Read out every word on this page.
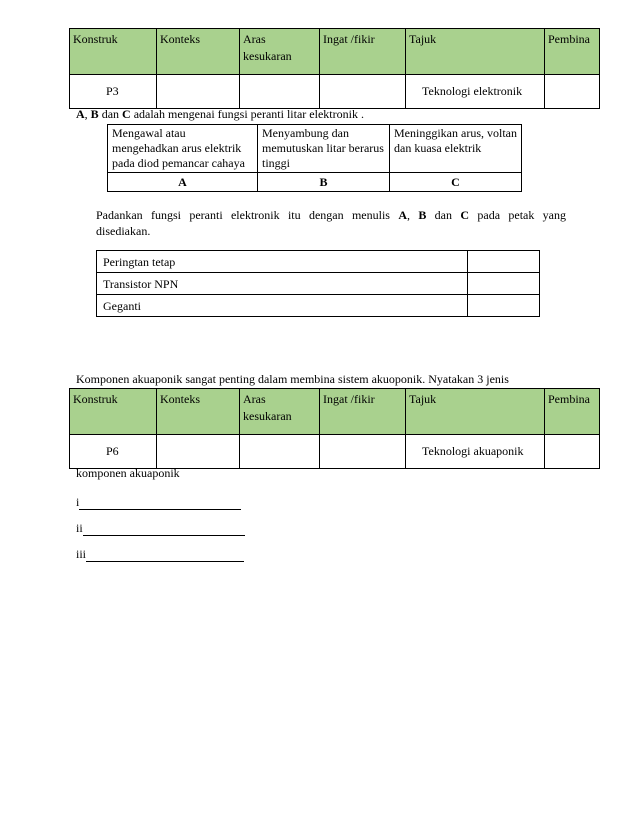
Konstruk	Konteks	Aras kesukaran	Ingat /fikir	Tajuk	Pembina
P3				Teknologi elektronik	

A, B dan C adalah mengenai fungsi peranti litar elektronik .

Mengawal atau mengehadkan arus elektrik pada diod pemancar cahaya	Menyambung dan memutuskan litar berarus tinggi	Meninggikan arus, voltan dan kuasa elektrik
A	B	C

Padankan fungsi peranti elektronik itu dengan menulis A, B dan C pada petak yang disediakan.

Peringtan tetap	
Transistor NPN	
Geganti	

Komponen akuaponik sangat penting dalam membina sistem akuoponik. Nyatakan 3 jenis

Konstruk	Konteks	Aras kesukaran	Ingat /fikir	Tajuk	Pembina
P6				Teknologi akuaponik	

komponen akuaponik

i

ii

iii
